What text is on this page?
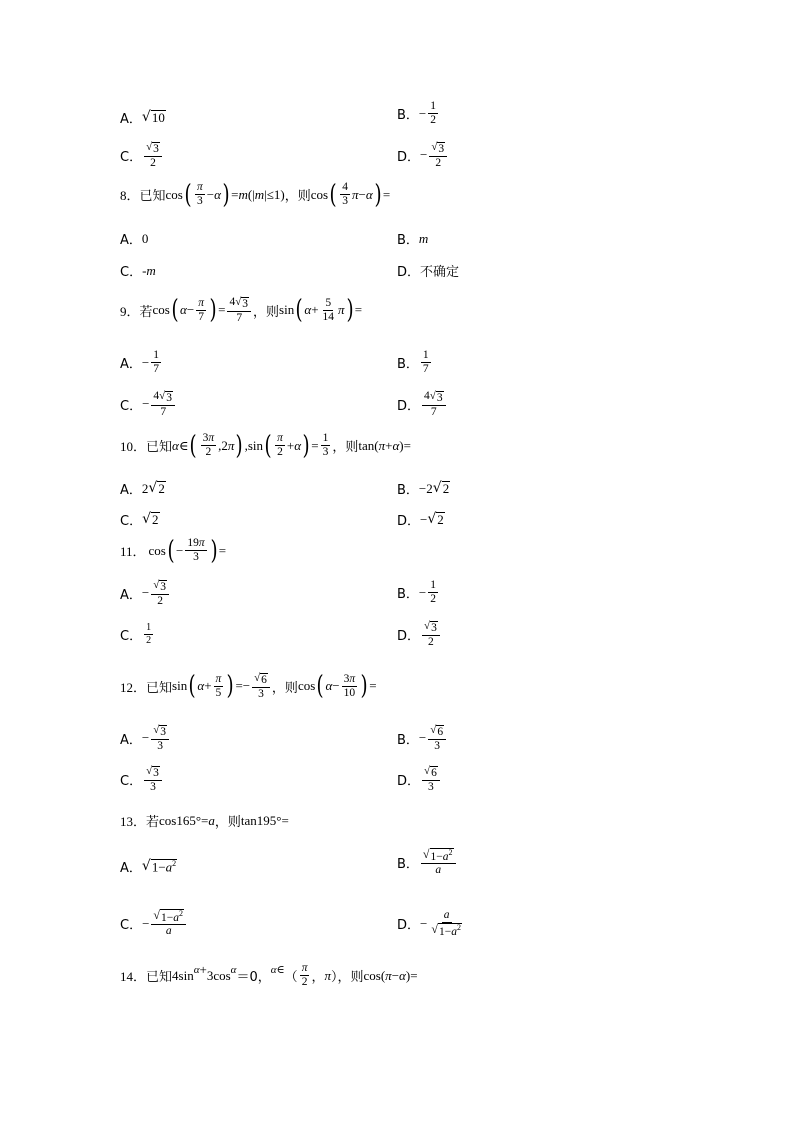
A． √ 10	B． − $\frac{1}{2}$
C． $\frac{√ 3}{2}$	D． − $\frac{√ 3}{2}$
8． 已知 cos ( $\frac{\pi}{3} - \alpha$ ) = m (| m |≤1) ，则 cos ( $\frac{4}{3}$ π − α ) =
A． 0	B． m
C． - m	D． 不确定
9． 若 cos ( $\alpha - \frac{\pi}{7}$ ) = $\frac{4 √ 3}{7}$ ，则 sin ( $\alpha + \frac{5}{14}$ π ) =
A． − $\frac{1}{7}$	B． $\frac{1}{7}$
C． − $\frac{4 √ 3}{7}$	D． $\frac{4 √ 3}{7}$
10． 已知 α ∈ ( $\frac{3\pi}{2} ,2$ π ) ,sin ( $\frac{\pi}{2} + \alpha$ ) = $\frac{1}{3}$ ，则 tan( π + α )=
A． 2 √ 2	B． −2 √ 2
C． √ 2	D． − √ 2
11． cos ( − $\frac{19\pi}{3}$ ) =
A． − $\frac{√ 3}{2}$	B． − $\frac{1}{2}$
C． $\frac{1}{2}$	D． $\frac{√ 3}{2}$
12． 已知 sin ( $\alpha + \frac{\pi}{5}$ ) =− $\frac{√ 6}{3}$ ，则 cos ( $\alpha - \frac{3\pi}{10}$ ) =
A． − $\frac{√ 3}{3}$	B． − $\frac{√ 6}{3}$
C． $\frac{√ 3}{3}$	D． $\frac{√ 6}{3}$
13． 若 cos165°= a ，则 tan195°=
A． √ $1-a^2$	B． $\frac{√ 1-a^2}{a}$
C． − $\frac{√ 1-a^2}{a}$	D． − $\frac{a}{√ 1-a^2}$
14． 已知 4sin α + 3cos α
＝0，
α ∈ （ $\frac{\pi}{2}$ ， π ），则 cos( π − α )=
